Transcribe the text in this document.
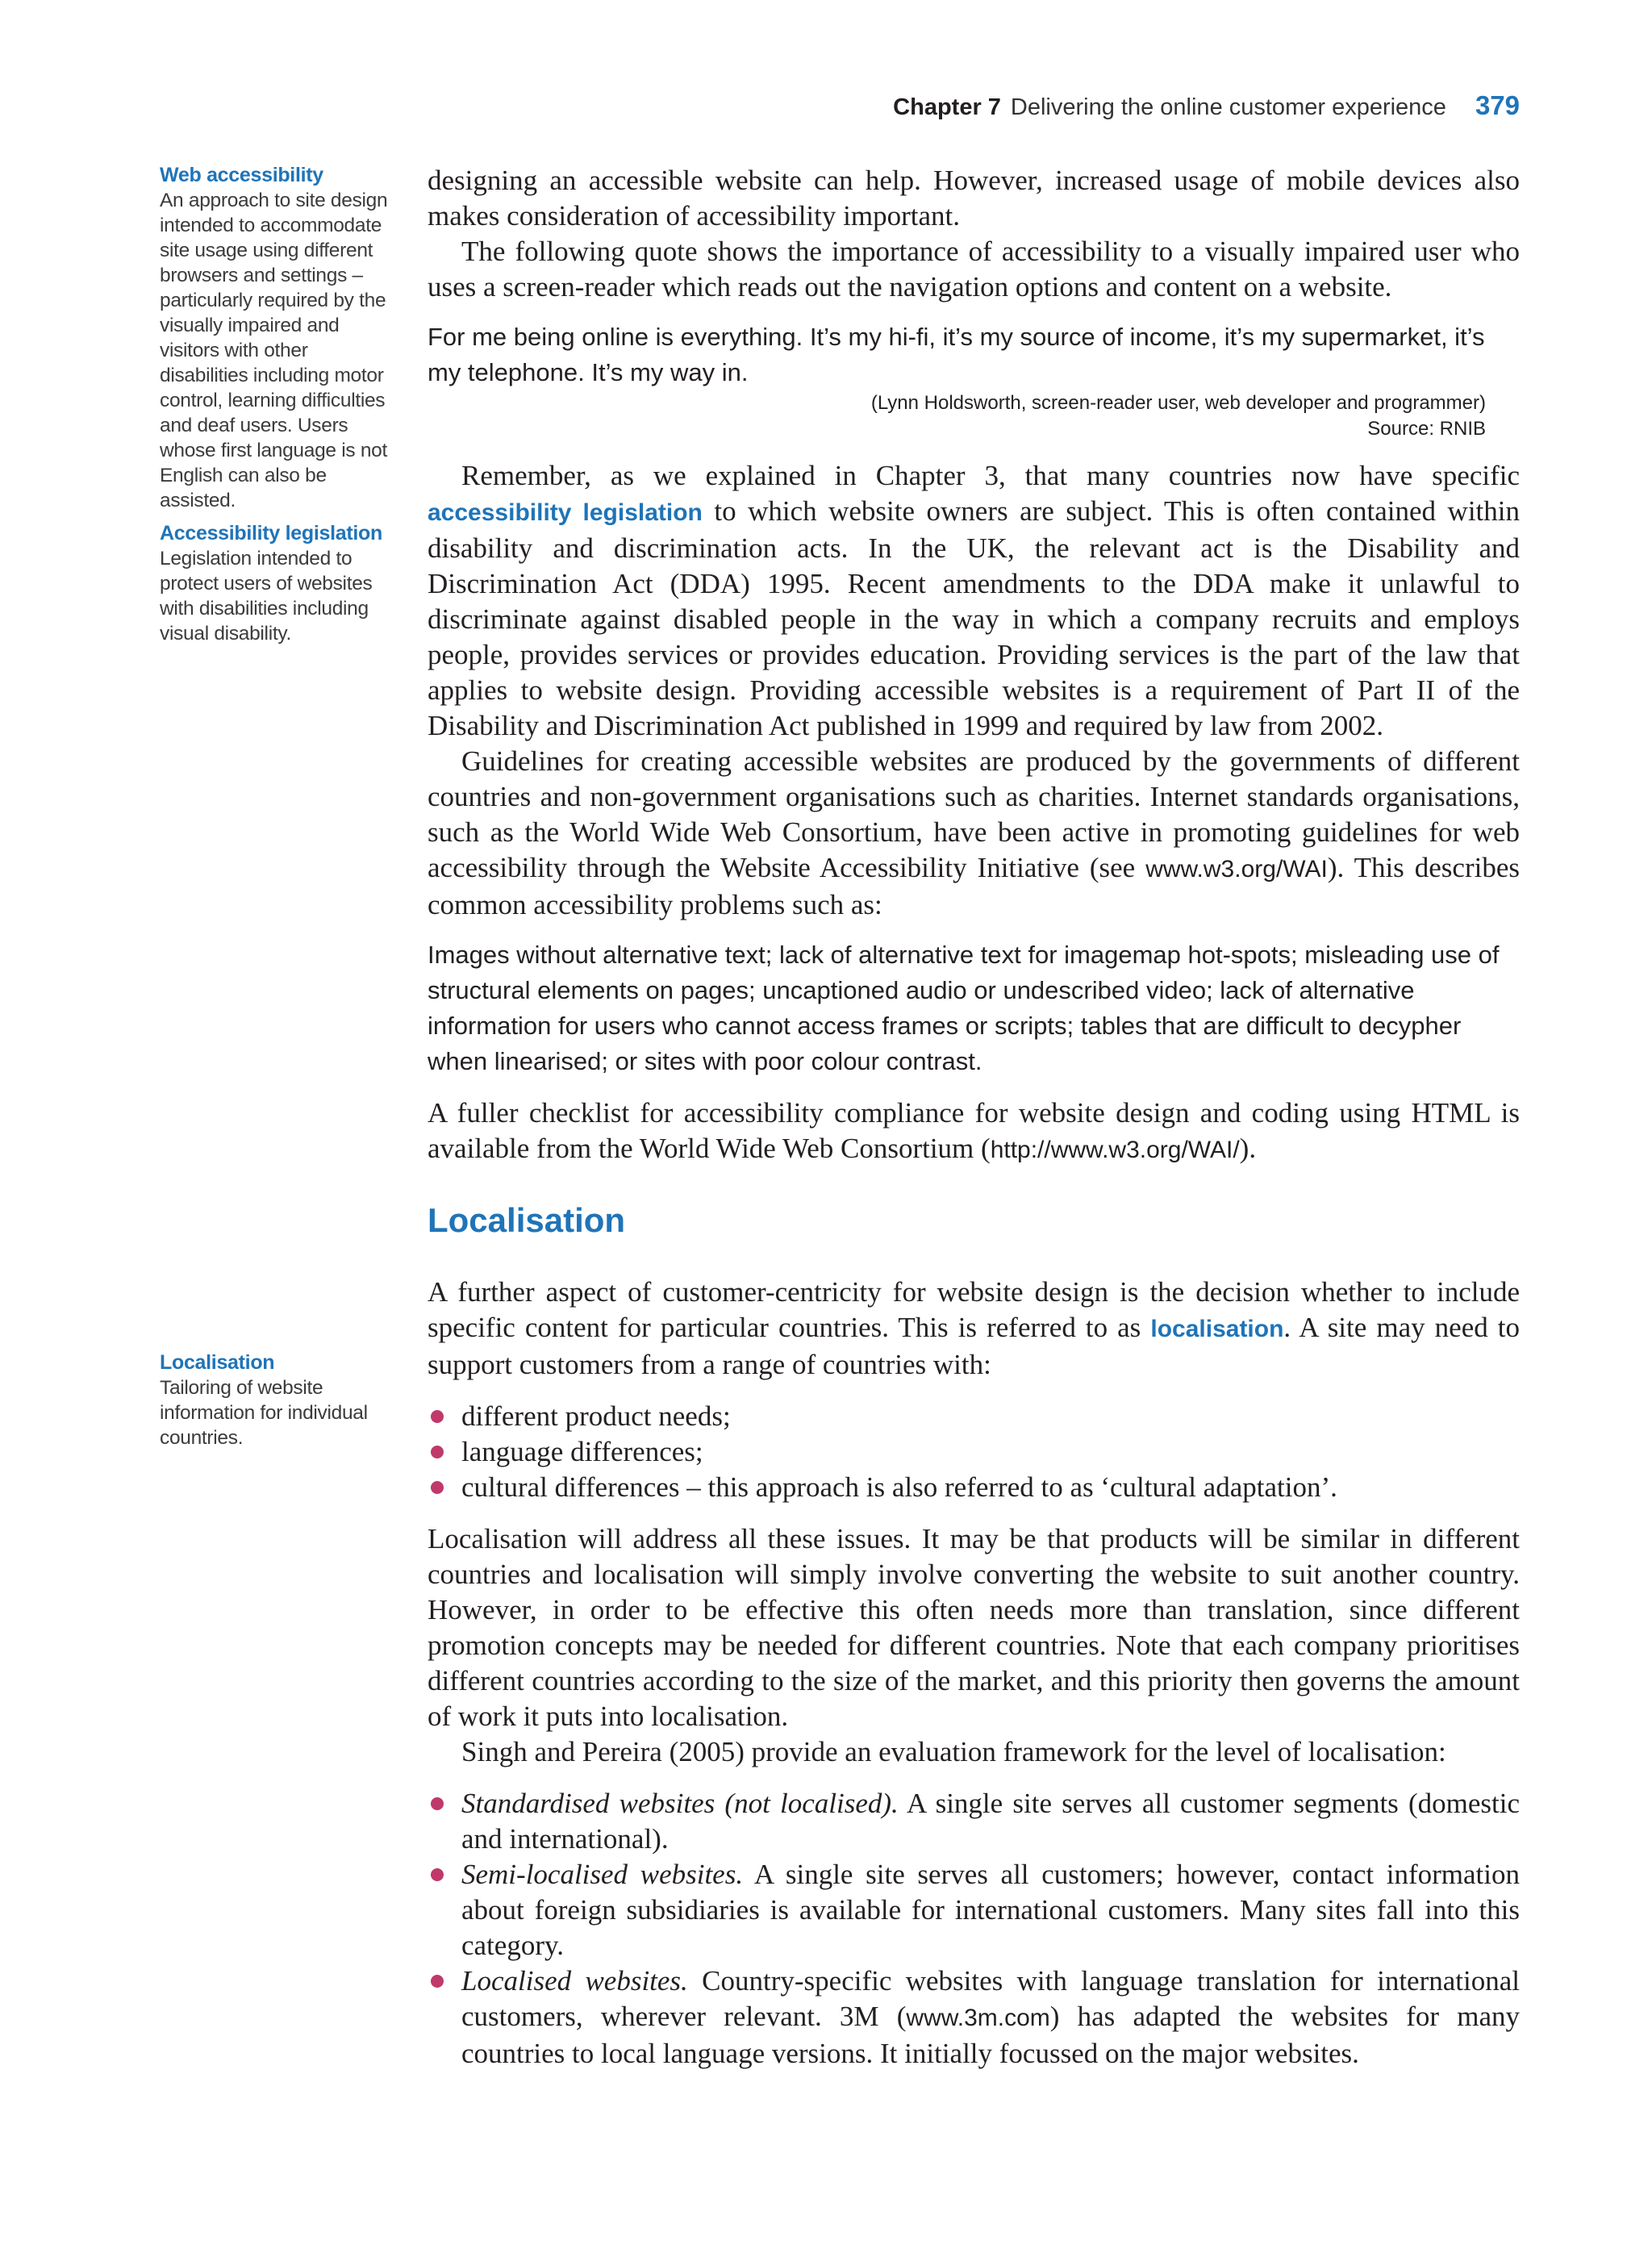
Chapter 7 Delivering the online customer experience 379
Web accessibility
An approach to site design intended to accommodate site usage using different browsers and settings – particularly required by the visually impaired and visitors with other disabilities including motor control, learning difficulties and deaf users. Users whose first language is not English can also be assisted.
Accessibility legislation
Legislation intended to protect users of websites with disabilities including visual disability.
Localisation
Tailoring of website information for individual countries.

designing an accessible website can help. However, increased usage of mobile devices also makes consideration of accessibility important.

The following quote shows the importance of accessibility to a visually impaired user who uses a screen-reader which reads out the navigation options and content on a website.

For me being online is everything. It’s my hi-fi, it’s my source of income, it’s my supermarket, it’s my telephone. It’s my way in.

(Lynn Holdsworth, screen-reader user, web developer and programmer)
Source: RNIB

Remember, as we explained in Chapter 3, that many countries now have specific accessibility legislation to which website owners are subject. This is often contained within disability and discrimination acts. In the UK, the relevant act is the Disability and Discrimination Act (DDA) 1995. Recent amendments to the DDA make it unlawful to discriminate against disabled people in the way in which a company recruits and employs people, provides services or provides education. Providing services is the part of the law that applies to website design. Providing accessible websites is a requirement of Part II of the Disability and Discrimination Act published in 1999 and required by law from 2002.

Guidelines for creating accessible websites are produced by the governments of different countries and non-government organisations such as charities. Internet standards organisations, such as the World Wide Web Consortium, have been active in promoting guidelines for web accessibility through the Website Accessibility Initiative (see www.w3.org/WAI). This describes common accessibility problems such as:

Images without alternative text; lack of alternative text for imagemap hot-spots; misleading use of structural elements on pages; uncaptioned audio or undescribed video; lack of alternative information for users who cannot access frames or scripts; tables that are difficult to decypher when linearised; or sites with poor colour contrast.

A fuller checklist for accessibility compliance for website design and coding using HTML is available from the World Wide Web Consortium (http://www.w3.org/WAI/).

Localisation

A further aspect of customer-centricity for website design is the decision whether to include specific content for particular countries. This is referred to as localisation. A site may need to support customers from a range of countries with:

different product needs;
language differences;
cultural differences – this approach is also referred to as ‘cultural adaptation’.

Localisation will address all these issues. It may be that products will be similar in different countries and localisation will simply involve converting the website to suit another country. However, in order to be effective this often needs more than translation, since different promotion concepts may be needed for different countries. Note that each company prioritises different countries according to the size of the market, and this priority then governs the amount of work it puts into localisation.

Singh and Pereira (2005) provide an evaluation framework for the level of localisation:

Standardised websites (not localised). A single site serves all customer segments (domestic and international).
Semi-localised websites. A single site serves all customers; however, contact information about foreign subsidiaries is available for international customers. Many sites fall into this category.
Localised websites. Country-specific websites with language translation for international customers, wherever relevant. 3M (www.3m.com) has adapted the websites for many countries to local language versions. It initially focussed on the major websites.
